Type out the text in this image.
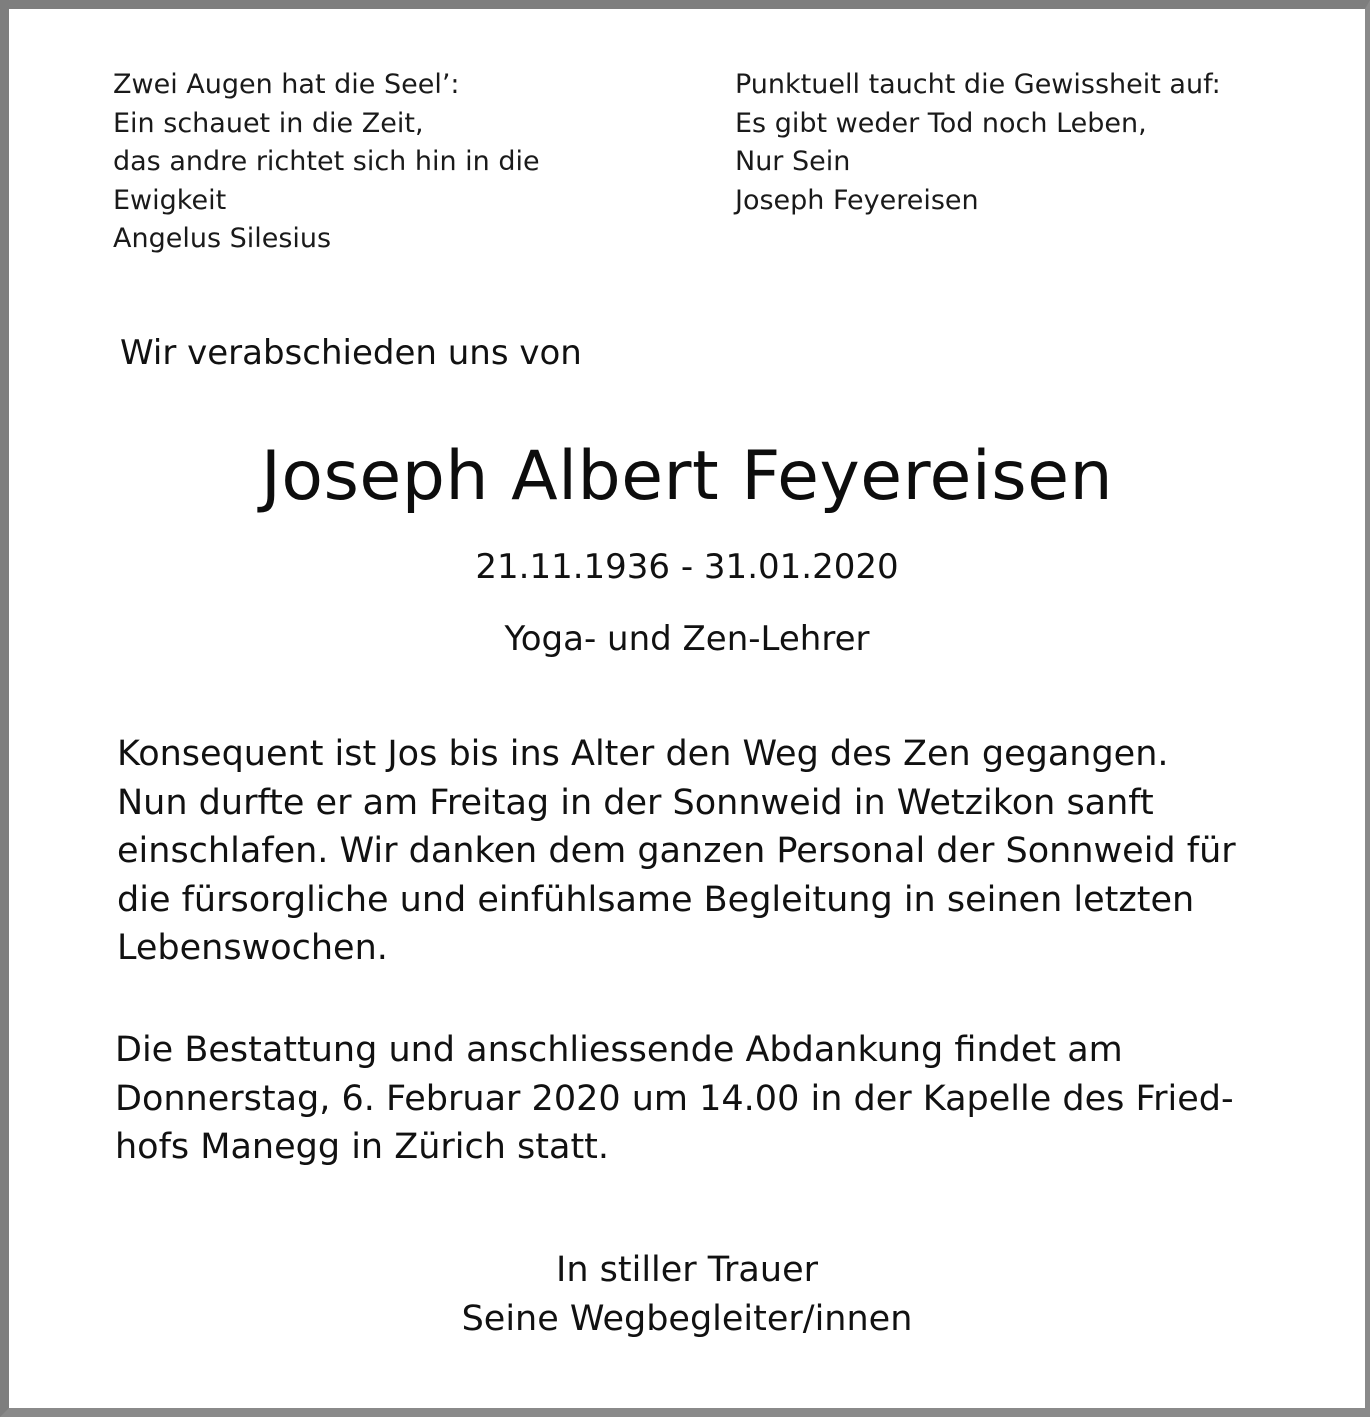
Zwei Augen hat die Seel’:
Ein schauet in die Zeit,
das andre richtet sich hin in die
Ewigkeit
Angelus Silesius
Punktuell taucht die Gewissheit auf:
Es gibt weder Tod noch Leben,
Nur Sein
Joseph Feyereisen
Wir verabschieden uns von
Joseph Albert Feyereisen
21.11.1936 - 31.01.2020
Yoga- und Zen-Lehrer
Konsequent ist Jos bis ins Alter den Weg des Zen gegangen.
Nun durfte er am Freitag in der Sonnweid in Wetzikon sanft
einschlafen. Wir danken dem ganzen Personal der Sonnweid für
die fürsorgliche und einfühlsame Begleitung in seinen letzten
Lebenswochen.
Die Bestattung und anschliessende Abdankung findet am
Donnerstag, 6. Februar 2020 um 14.00 in der Kapelle des Fried-
hofs Manegg in Zürich statt.
In stiller Trauer
Seine Wegbegleiter/innen
